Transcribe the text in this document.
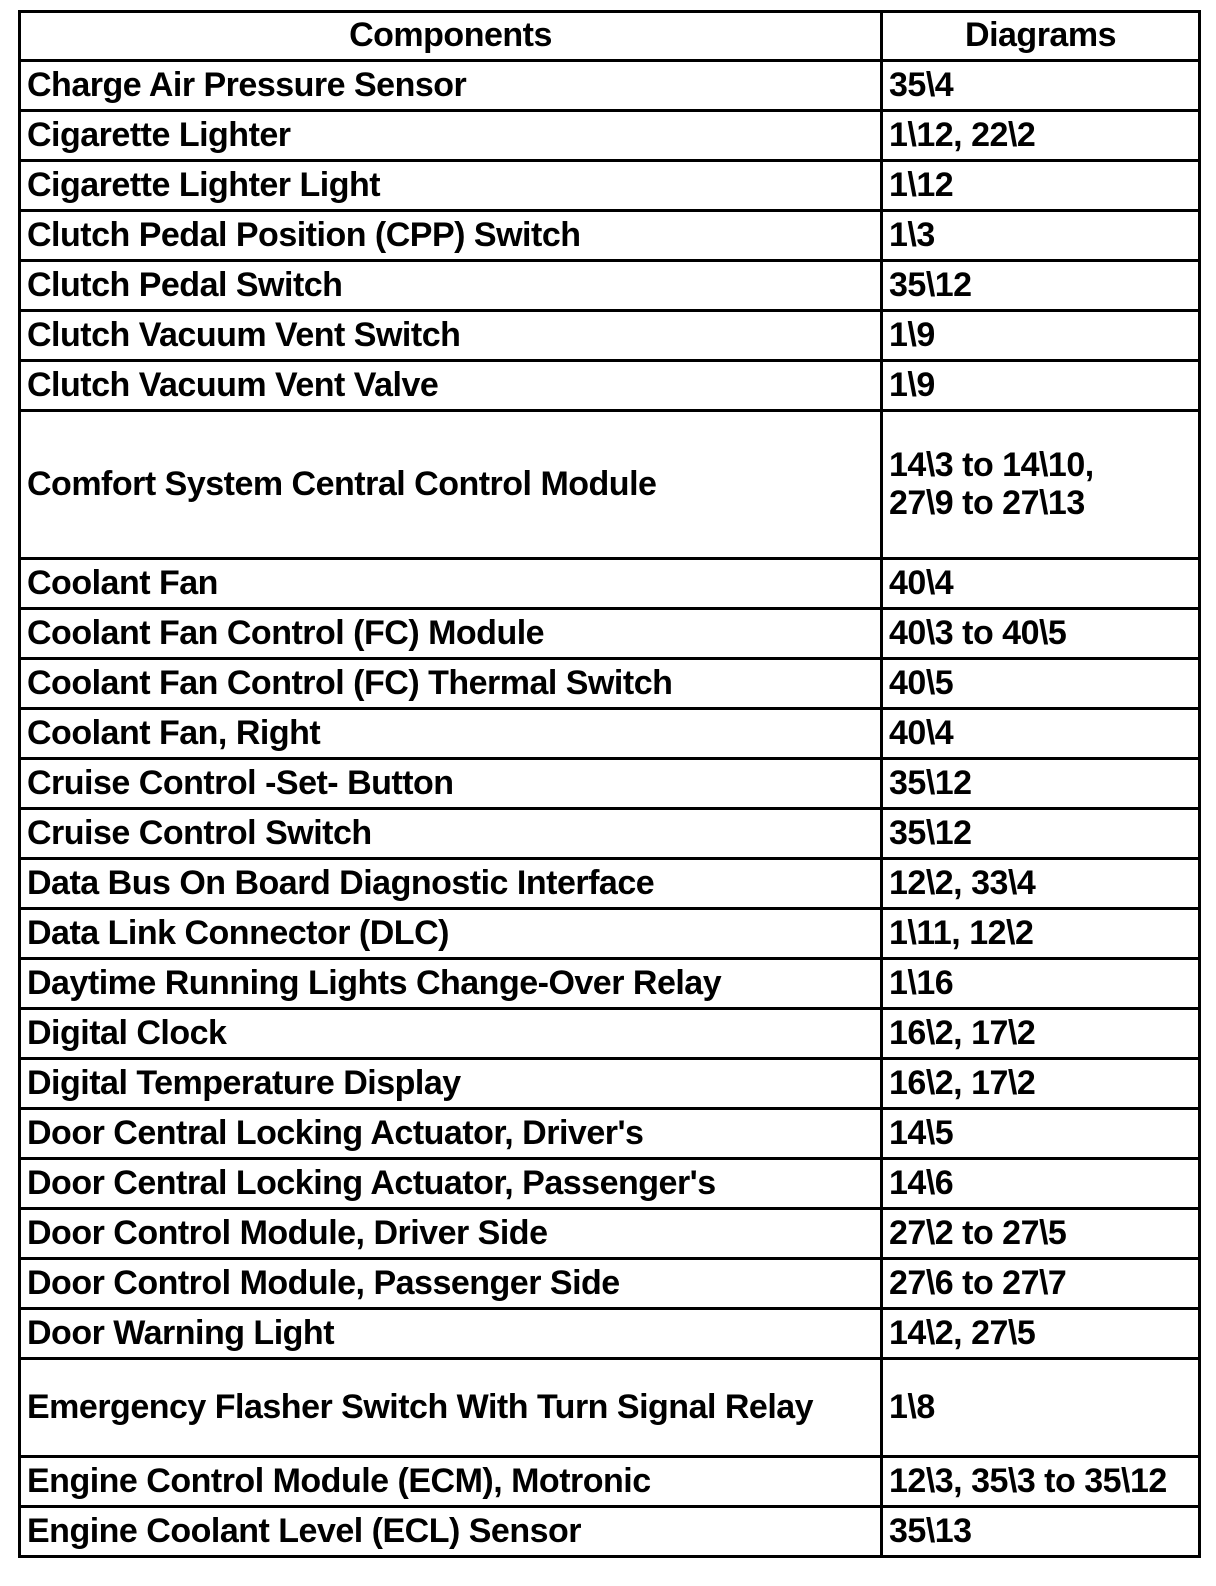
Components	Diagrams
Charge Air Pressure Sensor	35\4
Cigarette Lighter	1\12, 22\2
Cigarette Lighter Light	1\12
Clutch Pedal Position (CPP) Switch	1\3
Clutch Pedal Switch	35\12
Clutch Vacuum Vent Switch	1\9
Clutch Vacuum Vent Valve	1\9
Comfort System Central Control Module	14\3 to 14\10,
27\9 to 27\13

Coolant Fan	40\4
Coolant Fan Control (FC) Module	40\3 to 40\5
Coolant Fan Control (FC) Thermal Switch	40\5
Coolant Fan, Right	40\4
Cruise Control -Set- Button	35\12
Cruise Control Switch	35\12
Data Bus On Board Diagnostic Interface	12\2, 33\4
Data Link Connector (DLC)	1\11, 12\2
Daytime Running Lights Change-Over Relay	1\16
Digital Clock	16\2, 17\2
Digital Temperature Display	16\2, 17\2
Door Central Locking Actuator, Driver's	14\5
Door Central Locking Actuator, Passenger's	14\6
Door Control Module, Driver Side	27\2 to 27\5
Door Control Module, Passenger Side	27\6 to 27\7
Door Warning Light	14\2, 27\5
Emergency Flasher Switch With Turn Signal Relay	1\8
Engine Control Module (ECM), Motronic	12\3, 35\3 to 35\12
Engine Coolant Level (ECL) Sensor	35\13
